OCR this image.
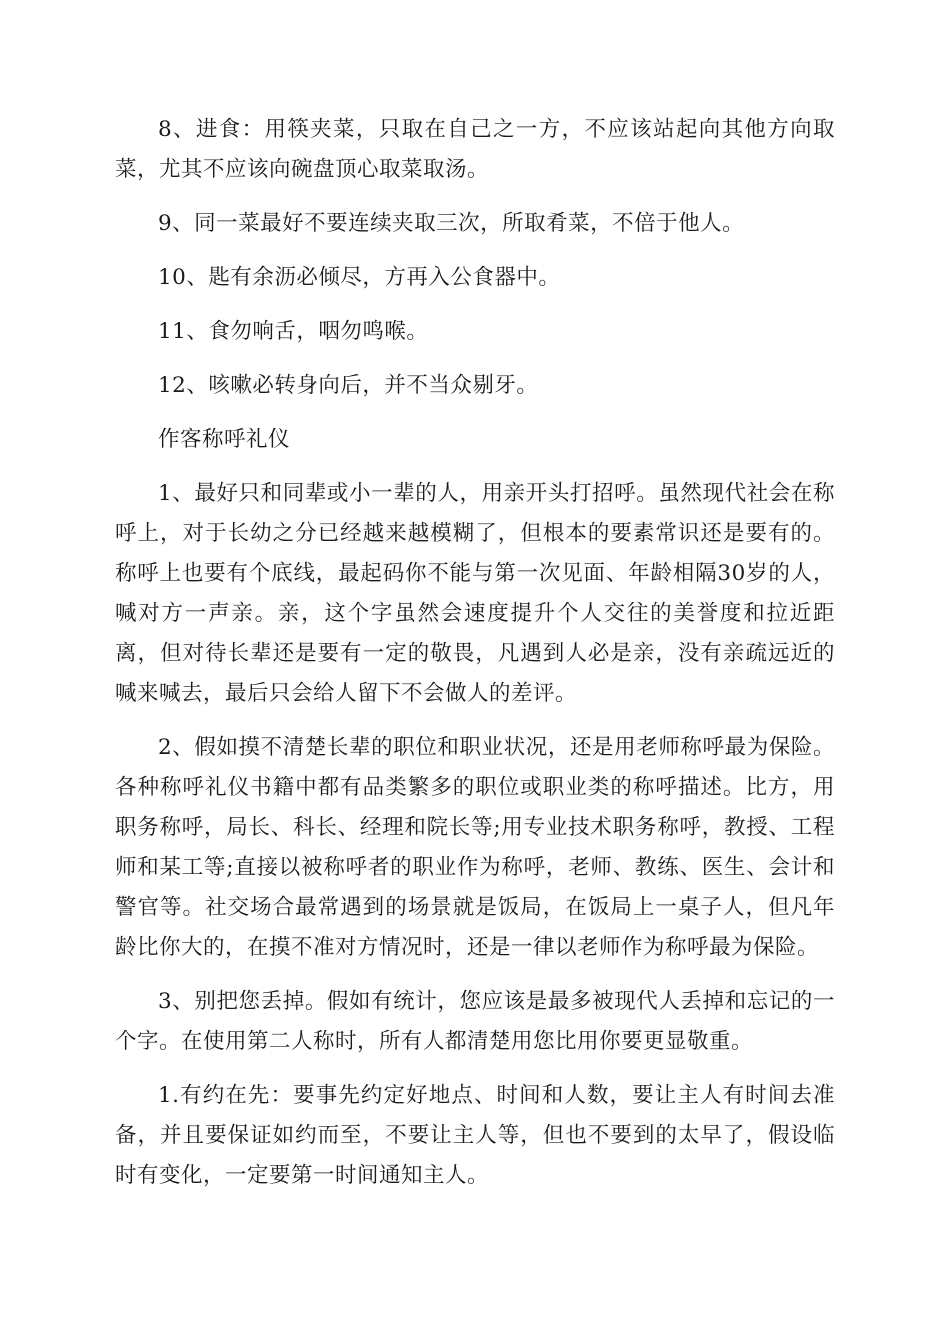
8、进食：用筷夹菜，只取在自己之一方，不应该站起向其他方向取菜，尤其不应该向碗盘顶心取菜取汤。

9、同一菜最好不要连续夹取三次，所取肴菜，不倍于他人。

10、匙有余沥必倾尽，方再入公食器中。

11、食勿响舌，咽勿鸣喉。

12、咳嗽必转身向后，并不当众剔牙。

作客称呼礼仪

1、最好只和同辈或小一辈的人，用亲开头打招呼。虽然现代社会在称呼上，对于长幼之分已经越来越模糊了，但根本的要素常识还是要有的。称呼上也要有个底线，最起码你不能与第一次见面、年龄相隔30岁的人，喊对方一声亲。亲，这个字虽然会速度提升个人交往的美誉度和拉近距离，但对待长辈还是要有一定的敬畏，凡遇到人必是亲，没有亲疏远近的喊来喊去，最后只会给人留下不会做人的差评。

2、假如摸不清楚长辈的职位和职业状况，还是用老师称呼最为保险。各种称呼礼仪书籍中都有品类繁多的职位或职业类的称呼描述。比方，用职务称呼，局长、科长、经理和院长等;用专业技术职务称呼，教授、工程师和某工等;直接以被称呼者的职业作为称呼，老师、教练、医生、会计和警官等。社交场合最常遇到的场景就是饭局，在饭局上一桌子人，但凡年龄比你大的，在摸不准对方情况时，还是一律以老师作为称呼最为保险。

3、别把您丢掉。假如有统计，您应该是最多被现代人丢掉和忘记的一个字。在使用第二人称时，所有人都清楚用您比用你要更显敬重。

1.有约在先：要事先约定好地点、时间和人数，要让主人有时间去准备，并且要保证如约而至，不要让主人等，但也不要到的太早了，假设临时有变化，一定要第一时间通知主人。
